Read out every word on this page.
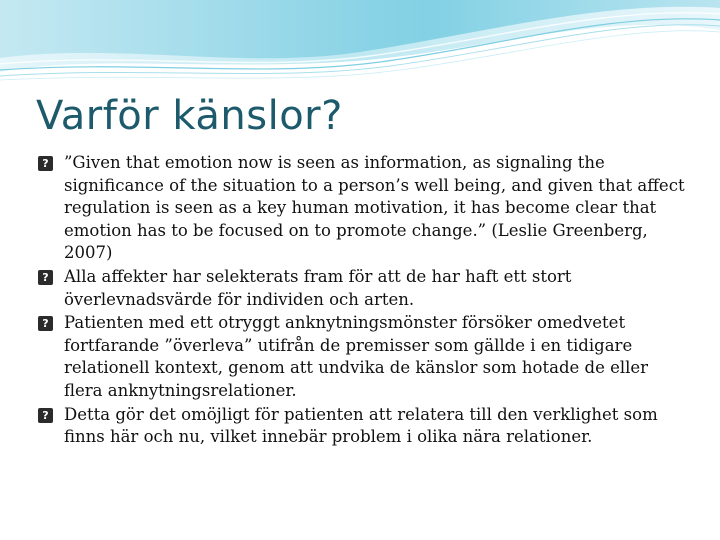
Varför känslor?
? ”Given that emotion now is seen as information, as signaling the significance of the situation to a person’s well being, and given that affect regulation is seen as a key human motivation, it has become clear that emotion has to be focused on to promote change.” (Leslie Greenberg, 2007)
? Alla affekter har selekterats fram för att de har haft ett stort överlevnadsvärde för individen och arten.
? Patienten med ett otryggt anknytningsmönster försöker omedvetet fortfarande ”överleva” utifrån de premisser som gällde i en tidigare relationell kontext, genom att undvika de känslor som hotade de eller flera anknytningsrelationer.
? Detta gör det omöjligt för patienten att relatera till den verklighet som finns här och nu, vilket innebär problem i olika nära relationer.
